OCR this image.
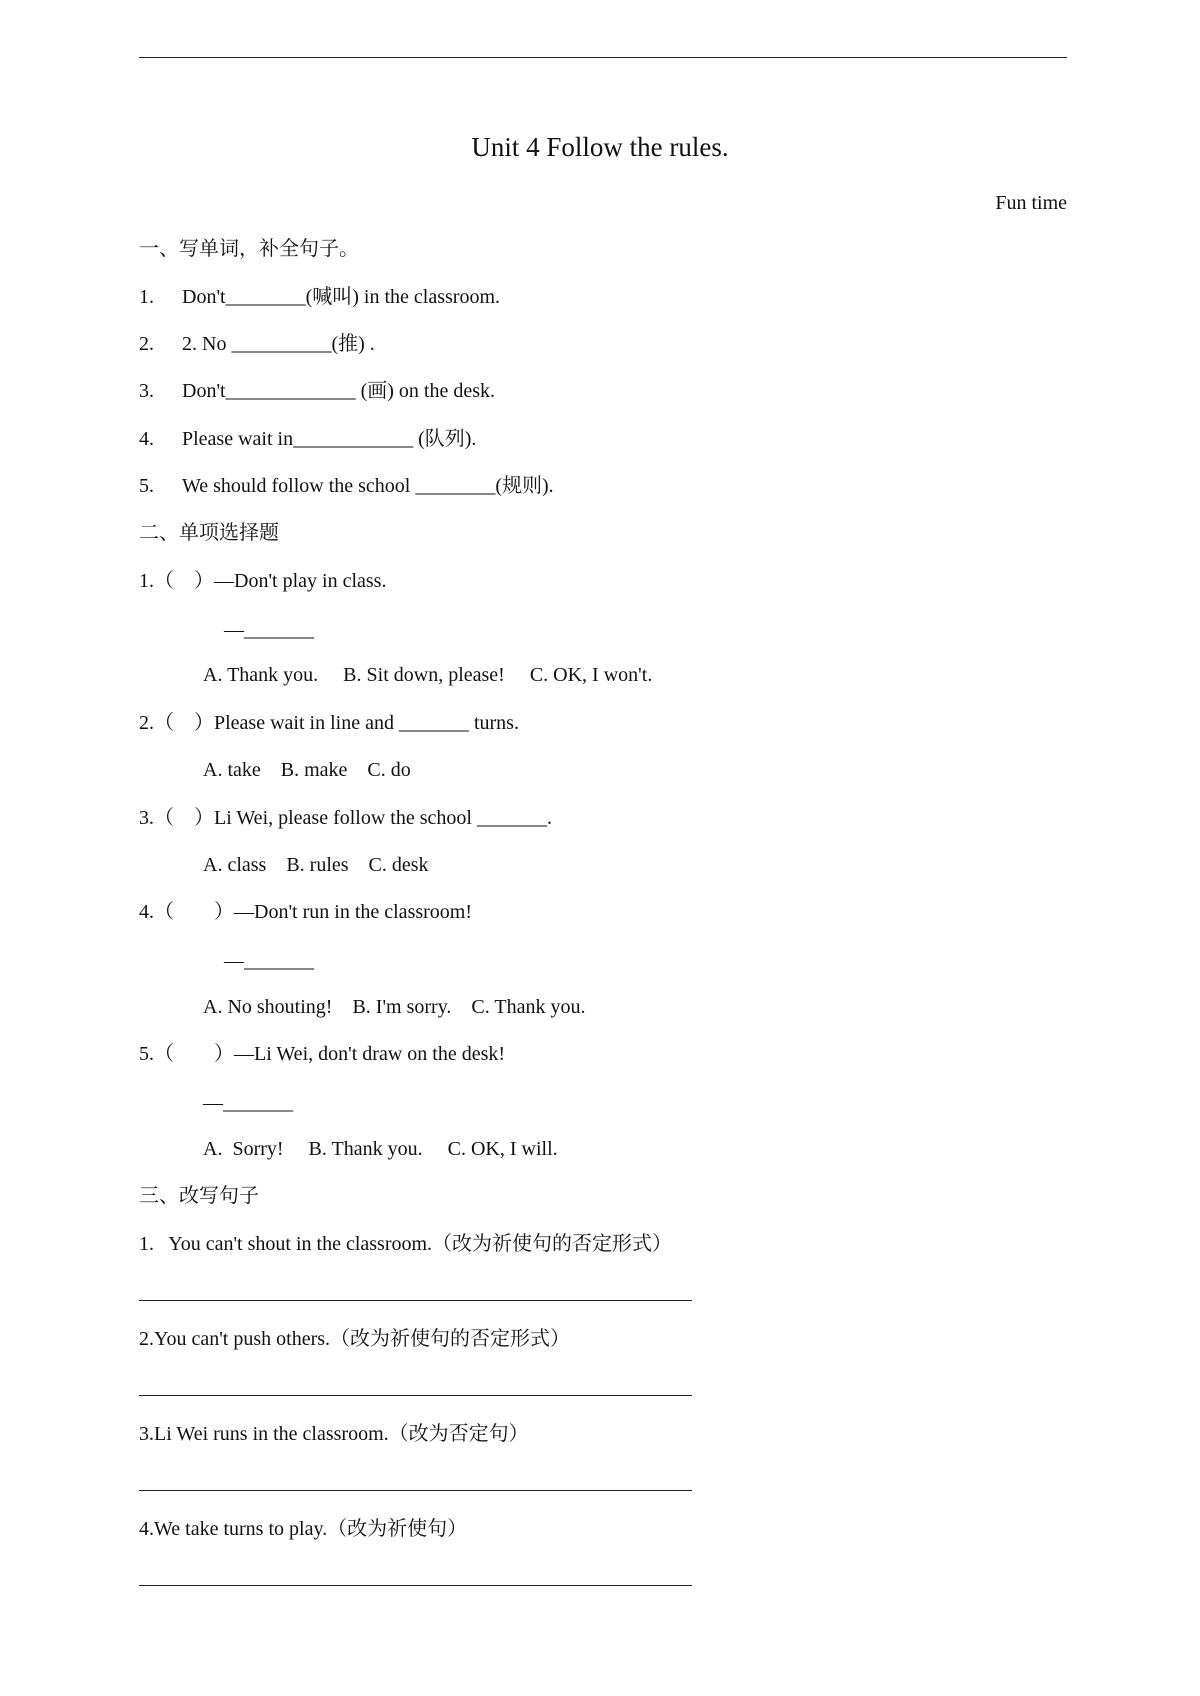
Unit 4 Follow the rules.
Fun time
一、写单词，补全句子。
1. Don't________(喊叫) in the classroom.
2. 2. No __________(推) .
3. Don't_____________ (画) on the desk.
4. Please wait in____________ (队列).
5. We should follow the school ________(规则).
二、单项选择题
1.（　）—Don't play in class.
—_______
A. Thank you.     B. Sit down, please!     C. OK, I won't.
2.（　）Please wait in line and _______ turns.
A. take    B. make    C. do
3.（　）Li Wei, please follow the school _______.
A. class    B. rules    C. desk
4.（　　）—Don't run in the classroom!
—_______
A. No shouting!    B. I'm sorry.    C. Thank you.
5.（　　）—Li Wei, don't draw on the desk!
—_______
A.  Sorry!     B. Thank you.     C. OK, I will.
三、改写句子
1.   You can't shout in the classroom.（改为祈使句的否定形式）
2.You can't push others.（改为祈使句的否定形式）
3.Li Wei runs in the classroom.（改为否定句）
4.We take turns to play.（改为祈使句）
